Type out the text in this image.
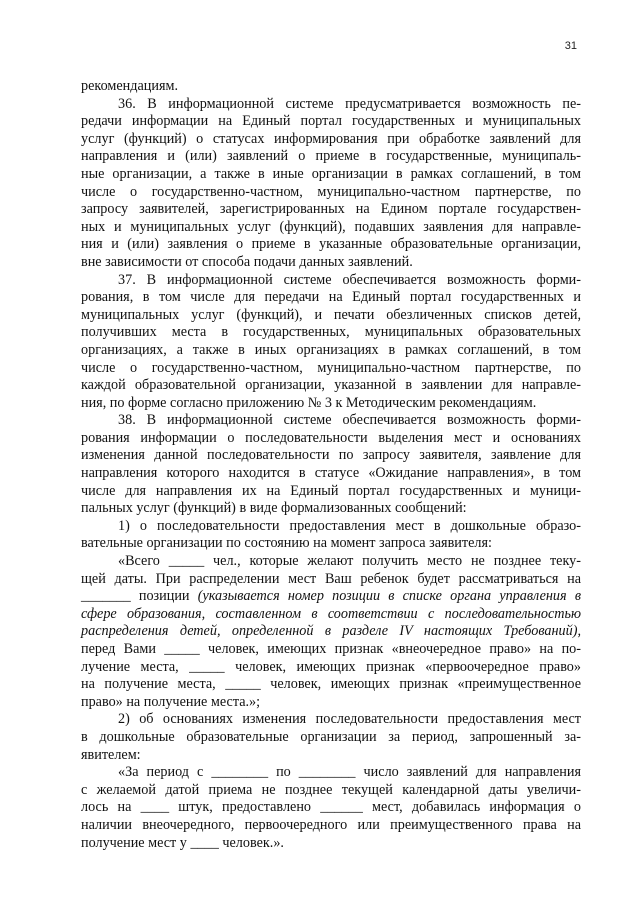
31
рекомендациям.
36. В информационной системе предусматривается возможность пе-
редачи информации на Единый портал государственных и муниципальных
услуг (функций) о статусах информирования при обработке заявлений для
направления и (или) заявлений о приеме в государственные, муниципаль-
ные организации, а также в иные организации в рамках соглашений, в том
числе о государственно-частном, муниципально-частном партнерстве, по
запросу заявителей, зарегистрированных на Едином портале государствен-
ных и муниципальных услуг (функций), подавших заявления для направле-
ния и (или) заявления о приеме в указанные образовательные организации,
вне зависимости от способа подачи данных заявлений.
37. В информационной системе обеспечивается возможность форми-
рования, в том числе для передачи на Единый портал государственных и
муниципальных услуг (функций), и печати обезличенных списков детей,
получивших места в государственных, муниципальных образовательных
организациях, а также в иных организациях в рамках соглашений, в том
числе о государственно-частном, муниципально-частном партнерстве, по
каждой образовательной организации, указанной в заявлении для направле-
ния, по форме согласно приложению № 3 к Методическим рекомендациям.
38. В информационной системе обеспечивается возможность форми-
рования информации о последовательности выделения мест и основаниях
изменения данной последовательности по запросу заявителя, заявление для
направления которого находится в статусе «Ожидание направления», в том
числе для направления их на Единый портал государственных и муници-
пальных услуг (функций) в виде формализованных сообщений:
1) о последовательности предоставления мест в дошкольные образо-
вательные организации по состоянию на момент запроса заявителя:
«Всего _____ чел., которые желают получить место не позднее теку-
щей даты. При распределении мест Ваш ребенок будет рассматриваться на
_______ позиции (указывается номер позиции в списке органа управления в
сфере образования, составленном в соответствии с последовательностью
распределения детей, определенной в разделе IV настоящих Требований),
перед Вами _____ человек, имеющих признак «внеочередное право» на по-
лучение места, _____ человек, имеющих признак «первоочередное право»
на получение места, _____ человек, имеющих признак «преимущественное
право» на получение места.»;
2) об основаниях изменения последовательности предоставления мест
в дошкольные образовательные организации за период, запрошенный за-
явителем:
«За период с ________ по ________ число заявлений для направления
с желаемой датой приема не позднее текущей календарной даты увеличи-
лось на ____ штук, предоставлено ______ мест, добавилась информация о
наличии внеочередного, первоочередного или преимущественного права на
получение мест у ____ человек.».
